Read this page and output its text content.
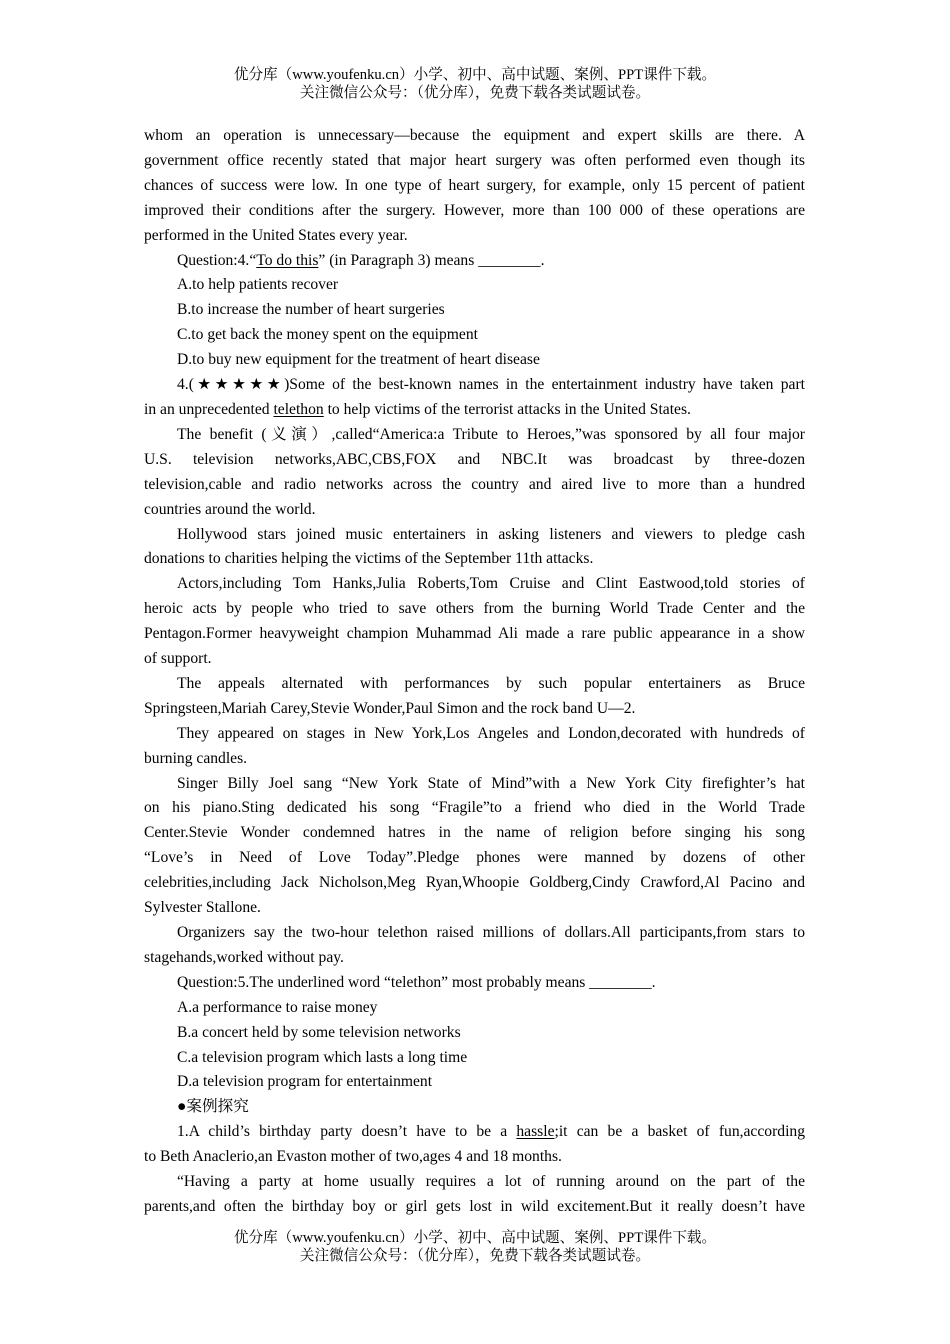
优分库（www.youfenku.cn）小学、初中、高中试题、案例、PPT课件下载。
关注微信公众号：（优分库），免费下载各类试题试卷。

whom an operation is unnecessary—because the equipment and expert skills are there. A

government office recently stated that major heart surgery was often performed even though its

chances of success were low. In one type of heart surgery, for example, only 15 percent of patient

improved their conditions after the surgery. However, more than 100 000 of these operations are

performed in the United States every year.

Question:4.“To do this” (in Paragraph 3) means ________.

A.to help patients recover

B.to increase the number of heart surgeries

C.to get back the money spent on the equipment

D.to buy new equipment for the treatment of heart disease

4.(★★★★★)Some of the best-known names in the entertainment industry have taken part

in an unprecedented telethon to help victims of the terrorist attacks in the United States.

The benefit (义演）,called“America:a Tribute to Heroes,”was sponsored by all four major

U.S. television networks,ABC,CBS,FOX and NBC.It was broadcast by three-dozen

television,cable and radio networks across the country and aired live to more than a hundred

countries around the world.

Hollywood stars joined music entertainers in asking listeners and viewers to pledge cash

donations to charities helping the victims of the September 11th attacks.

Actors,including Tom Hanks,Julia Roberts,Tom Cruise and Clint Eastwood,told stories of

heroic acts by people who tried to save others from the burning World Trade Center and the

Pentagon.Former heavyweight champion Muhammad Ali made a rare public appearance in a show

of support.

The appeals alternated with performances by such popular entertainers as Bruce

Springsteen,Mariah Carey,Stevie Wonder,Paul Simon and the rock band U—2.

They appeared on stages in New York,Los Angeles and London,decorated with hundreds of

burning candles.

Singer Billy Joel sang “New York State of Mind”with a New York City firefighter’s hat

on his piano.Sting dedicated his song “Fragile”to a friend who died in the World Trade

Center.Stevie Wonder condemned hatres in the name of religion before singing his song

“Love’s in Need of Love Today”.Pledge phones were manned by dozens of other

celebrities,including Jack Nicholson,Meg Ryan,Whoopie Goldberg,Cindy Crawford,Al Pacino and

Sylvester Stallone.

Organizers say the two-hour telethon raised millions of dollars.All participants,from stars to

stagehands,worked without pay.

Question:5.The underlined word “telethon” most probably means ________.

A.a performance to raise money

B.a concert held by some television networks

C.a television program which lasts a long time

D.a television program for entertainment

●案例探究

1.A child’s birthday party doesn’t have to be a hassle;it can be a basket of fun,according

to Beth Anaclerio,an Evaston mother of two,ages 4 and 18 months.

“Having a party at home usually requires a lot of running around on the part of the

parents,and often the birthday boy or girl gets lost in wild excitement.But it really doesn’t have

优分库（www.youfenku.cn）小学、初中、高中试题、案例、PPT课件下载。
关注微信公众号：（优分库），免费下载各类试题试卷。
